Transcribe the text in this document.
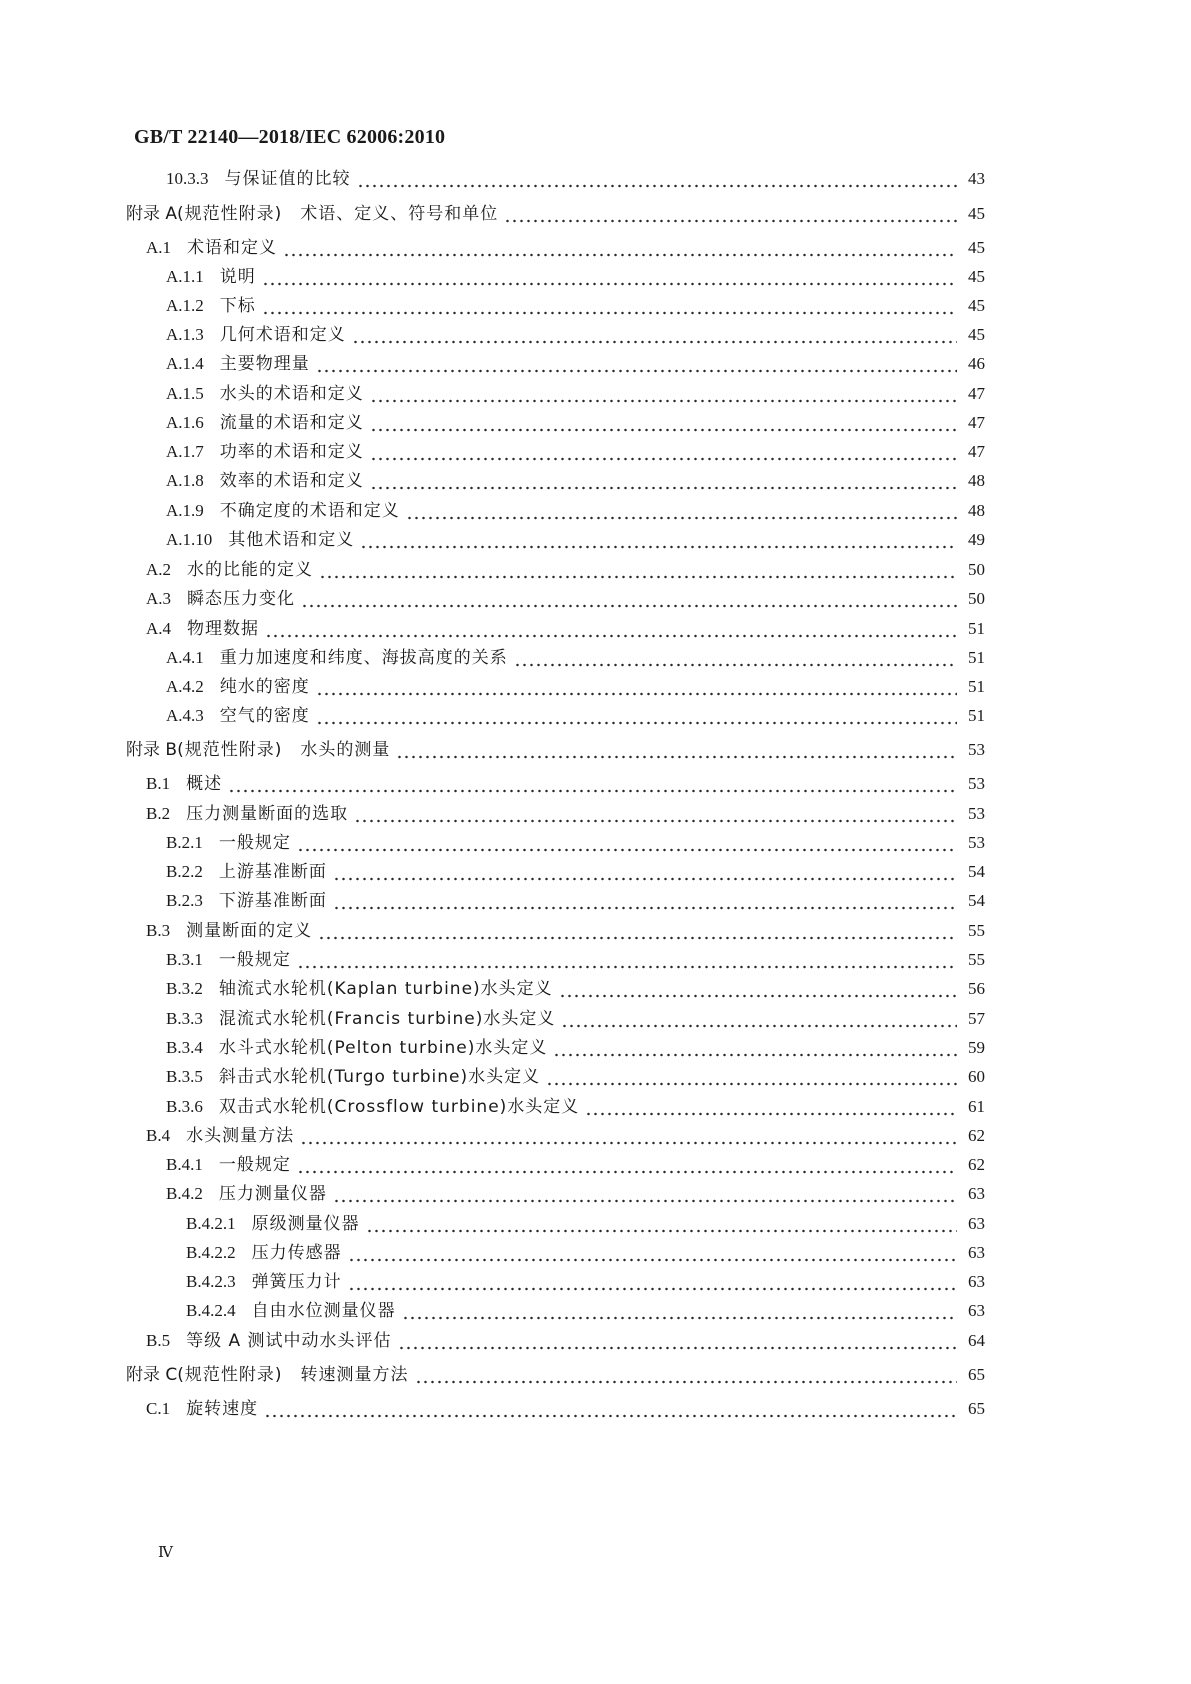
GB/T 22140—2018/IEC 62006:2010
10.3.3 与保证值的比较	43
附录 A (规范性附录)　术语、定义、符号和单位	45
A.1 术语和定义	45
A.1.1 说明	45
A.1.2 下标	45
A.1.3 几何术语和定义	45
A.1.4 主要物理量	46
A.1.5 水头的术语和定义	47
A.1.6 流量的术语和定义	47
A.1.7 功率的术语和定义	47
A.1.8 效率的术语和定义	48
A.1.9 不确定度的术语和定义	48
A.1.10 其他术语和定义	49
A.2 水的比能的定义	50
A.3 瞬态压力变化	50
A.4 物理数据	51
A.4.1 重力加速度和纬度、海拔高度的关系	51
A.4.2 纯水的密度	51
A.4.3 空气的密度	51
附录 B (规范性附录)　水头的测量	53
B.1 概述	53
B.2 压力测量断面的选取	53
B.2.1 一般规定	53
B.2.2 上游基准断面	54
B.2.3 下游基准断面	54
B.3 测量断面的定义	55
B.3.1 一般规定	55
B.3.2 轴流式水轮机(Kaplan turbine)水头定义	56
B.3.3 混流式水轮机(Francis turbine)水头定义	57
B.3.4 水斗式水轮机(Pelton turbine)水头定义	59
B.3.5 斜击式水轮机(Turgo turbine)水头定义	60
B.3.6 双击式水轮机(Crossflow turbine)水头定义	61
B.4 水头测量方法	62
B.4.1 一般规定	62
B.4.2 压力测量仪器	63
B.4.2.1 原级测量仪器	63
B.4.2.2 压力传感器	63
B.4.2.3 弹簧压力计	63
B.4.2.4 自由水位测量仪器	63
B.5 等级 A 测试中动水头评估	64
附录 C (规范性附录)　转速测量方法	65
C.1 旋转速度	65
Ⅳ
